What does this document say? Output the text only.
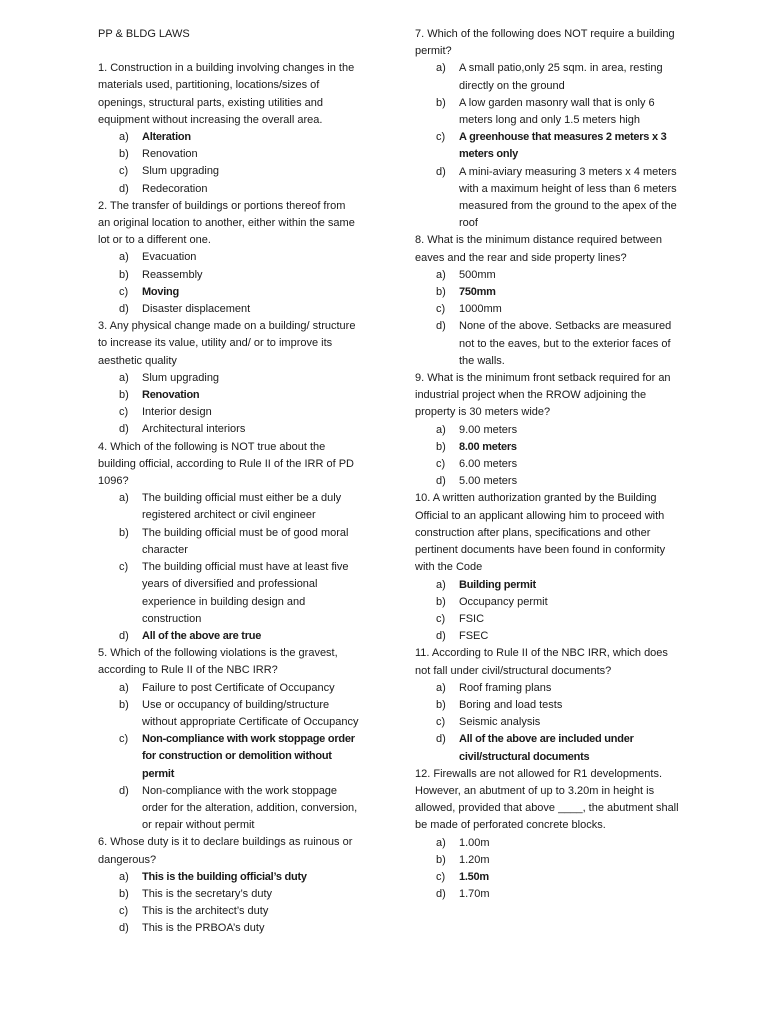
PP & BLDG LAWS

1. Construction in a building involving changes in the materials used, partitioning, locations/sizes of openings, structural parts, existing utilities and equipment without increasing the overall area.

a) Alteration
b) Renovation
c) Slum upgrading
d) Redecoration

2. The transfer of buildings or portions thereof from an original location to another, either within the same lot or to a different one.

a) Evacuation
b) Reassembly
c) Moving
d) Disaster displacement

3. Any physical change made on a building/ structure to increase its value, utility and/ or to improve its aesthetic quality

a) Slum upgrading
b) Renovation
c) Interior design
d) Architectural interiors

4. Which of the following is NOT true about the building official, according to Rule II of the IRR of PD 1096?

a) The building official must either be a duly registered architect or civil engineer
b) The building official must be of good moral character
c) The building official must have at least five years of diversified and professional experience in building design and construction
d) All of the above are true

5. Which of the following violations is the gravest, according to Rule II of the NBC IRR?

a) Failure to post Certificate of Occupancy
b) Use or occupancy of building/structure without appropriate Certificate of Occupancy
c) Non-compliance with work stoppage order for construction or demolition without permit
d) Non-compliance with the work stoppage order for the alteration, addition, conversion, or repair without permit

6. Whose duty is it to declare buildings as ruinous or dangerous?

a) This is the building official’s duty
b) This is the secretary’s duty
c) This is the architect’s duty
d) This is the PRBOA’s duty

7. Which of the following does NOT require a building permit?

a) A small patio,only 25 sqm. in area, resting directly on the ground
b) A low garden masonry wall that is only 6 meters long and only 1.5 meters high
c) A greenhouse that measures 2 meters x 3 meters only
d) A mini-aviary measuring 3 meters x 4 meters with a maximum height of less than 6 meters measured from the ground to the apex of the roof

8. What is the minimum distance required between eaves and the rear and side property lines?

a) 500mm
b) 750mm
c) 1000mm
d) None of the above. Setbacks are measured not to the eaves, but to the exterior faces of the walls.

9. What is the minimum front setback required for an industrial project when the RROW adjoining the property is 30 meters wide?

a) 9.00 meters
b) 8.00 meters
c) 6.00 meters
d) 5.00 meters

10. A written authorization granted by the Building Official to an applicant allowing him to proceed with construction after plans, specifications and other pertinent documents have been found in conformity with the Code

a) Building permit
b) Occupancy permit
c) FSIC
d) FSEC

11. According to Rule II of the NBC IRR, which does not fall under civil/structural documents?

a) Roof framing plans
b) Boring and load tests
c) Seismic analysis
d) All of the above are included under civil/structural documents

12. Firewalls are not allowed for R1 developments. However, an abutment of up to 3.20m in height is allowed, provided that above ____, the abutment shall be made of perforated concrete blocks.

a) 1.00m
b) 1.20m
c) 1.50m
d) 1.70m
